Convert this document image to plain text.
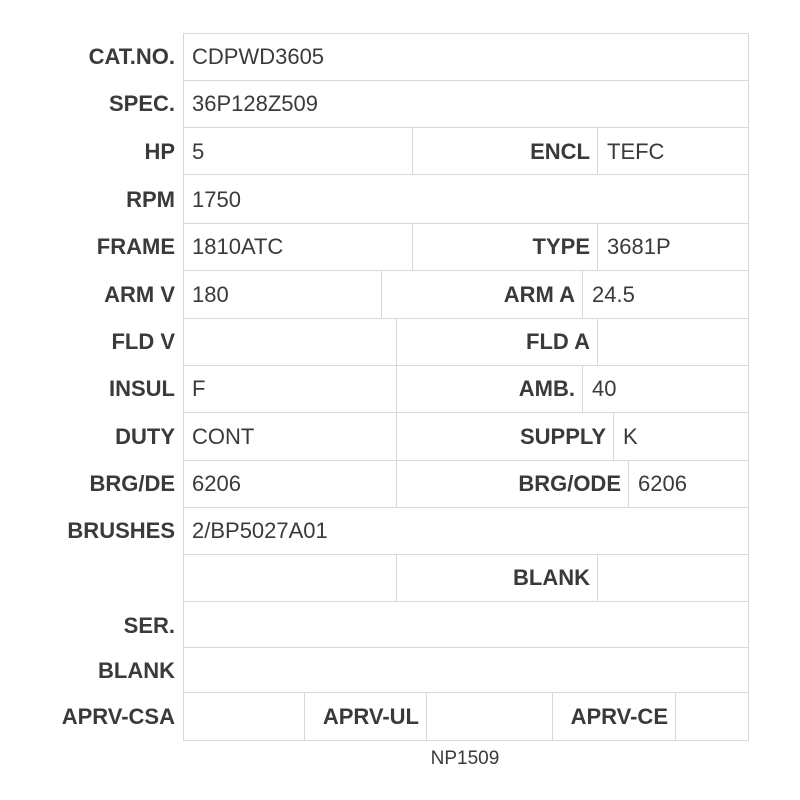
CAT.NO. CDPWD3605
SPEC. 36P128Z509
HP 5	ENCL TEFC
RPM 1750
FRAME 1810ATC	TYPE 3681P
ARM V 180	ARM A 24.5
FLD V	FLD A
INSUL F	AMB. 40
DUTY CONT	SUPPLY K
BRG/DE 6206	BRG/ODE 6206
BRUSHES 2/BP5027A01
BLANK
SER.
BLANK
APRV-CSA	APRV-UL	APRV-CE
NP1509
